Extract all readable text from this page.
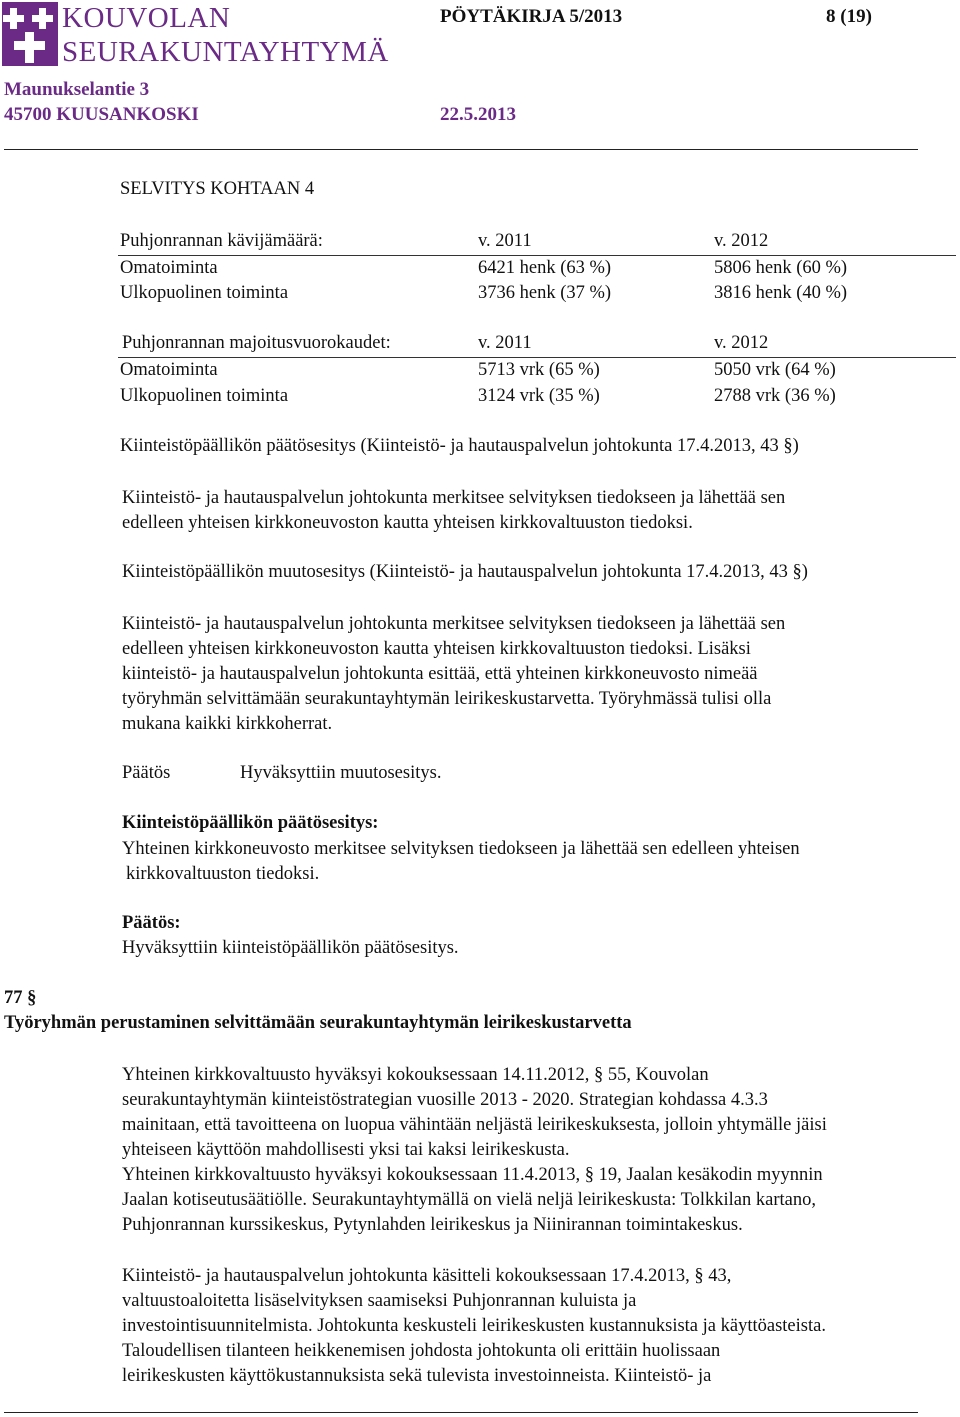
KOUVOLAN
SEURAKUNTAYHTYMÄ
PÖYTÄKIRJA 5/2013	8 (19)
Maunukselantie 3
45700 KUUSANKOSKI	22.5.2013
SELVITYS KOHTAAN 4
Puhjonrannan kävijämäärä:	v. 2011	v. 2012
Omatoiminta	6421 henk (63 %)	5806 henk (60 %)
Ulkopuolinen toiminta	3736 henk (37 %)	3816 henk (40 %)
Puhjonrannan majoitusvuorokaudet:	v. 2011	v. 2012
Omatoiminta	5713 vrk (65 %)	5050 vrk (64 %)
Ulkopuolinen toiminta	3124 vrk (35 %)	2788 vrk (36 %)
Kiinteistöpäällikön päätösesitys (Kiinteistö- ja hautauspalvelun johtokunta 17.4.2013, 43 §)
Kiinteistö- ja hautauspalvelun johtokunta merkitsee selvityksen tiedokseen ja lähettää sen
edelleen yhteisen kirkkoneuvoston kautta yhteisen kirkkovaltuuston tiedoksi.
Kiinteistöpäällikön muutosesitys (Kiinteistö- ja hautauspalvelun johtokunta 17.4.2013, 43 §)
Kiinteistö- ja hautauspalvelun johtokunta merkitsee selvityksen tiedokseen ja lähettää sen
edelleen yhteisen kirkkoneuvoston kautta yhteisen kirkkovaltuuston tiedoksi. Lisäksi
kiinteistö- ja hautauspalvelun johtokunta esittää, että yhteinen kirkkoneuvosto nimeää
työryhmän selvittämään seurakuntayhtymän leirikeskustarvetta. Työryhmässä tulisi olla
mukana kaikki kirkkoherrat.
Päätös	Hyväksyttiin muutosesitys.
Kiinteistöpäällikön päätösesitys:
Yhteinen kirkkoneuvosto merkitsee selvityksen tiedokseen ja lähettää sen edelleen yhteisen
kirkkovaltuuston tiedoksi.
Päätös:
Hyväksyttiin kiinteistöpäällikön päätösesitys.
77 §
Työryhmän perustaminen selvittämään seurakuntayhtymän leirikeskustarvetta
Yhteinen kirkkovaltuusto hyväksyi kokouksessaan 14.11.2012, § 55, Kouvolan
seurakuntayhtymän kiinteistöstrategian vuosille 2013 - 2020. Strategian kohdassa 4.3.3
mainitaan, että tavoitteena on luopua vähintään neljästä leirikeskuksesta, jolloin yhtymälle jäisi
yhteiseen käyttöön mahdollisesti yksi tai kaksi leirikeskusta.
Yhteinen kirkkovaltuusto hyväksyi kokouksessaan 11.4.2013, § 19, Jaalan kesäkodin myynnin
Jaalan kotiseutusäätiölle. Seurakuntayhtymällä on vielä neljä leirikeskusta: Tolkkilan kartano,
Puhjonrannan kurssikeskus, Pytynlahden leirikeskus ja Niinirannan toimintakeskus.
Kiinteistö- ja hautauspalvelun johtokunta käsitteli kokouksessaan 17.4.2013, § 43,
valtuustoaloitetta lisäselvityksen saamiseksi Puhjonrannan kuluista ja
investointisuunnitelmista. Johtokunta keskusteli leirikeskusten kustannuksista ja käyttöasteista.
Taloudellisen tilanteen heikkenemisen johdosta johtokunta oli erittäin huolissaan
leirikeskusten käyttökustannuksista sekä tulevista investoinneista. Kiinteistö- ja
